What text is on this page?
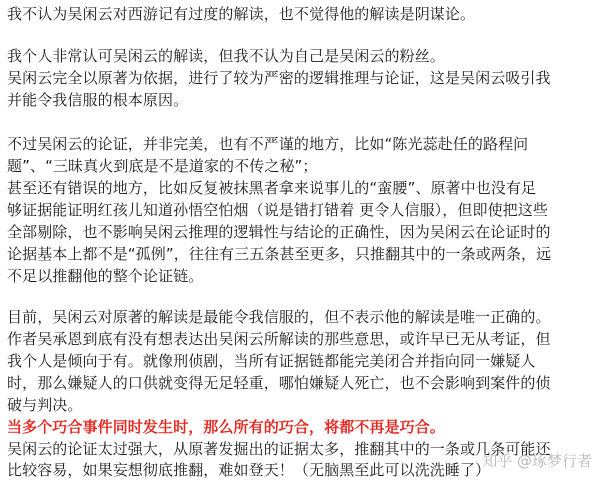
我不认为吴闲云对西游记有过度的解读，也不觉得他的解读是阴谋论。
我个人非常认可吴闲云的解读，但我不认为自己是吴闲云的粉丝。
吴闲云完全以原著为依据，进行了较为严密的逻辑推理与论证，这是吴闲云吸引我
并能令我信服的根本原因。
不过吴闲云的论证，并非完美，也有不严谨的地方，比如“陈光蕊赴任的路程问
题”、“三昧真火到底是不是道家的不传之秘”；
甚至还有错误的地方，比如反复被抹黑者拿来说事儿的“蛮腰”、原著中也没有足
够证据能证明红孩儿知道孙悟空怕烟（说是错打错着 更令人信服），但即使把这些
全部剔除，也不影响吴闲云推理的逻辑性与结论的正确性，因为吴闲云在论证时的
论据基本上都不是“孤例”，往往有三五条甚至更多，只推翻其中的一条或两条，远
不足以推翻他的整个论证链。
目前，吴闲云对原著的解读是最能令我信服的，但不表示他的解读是唯一正确的。
作者吴承恩到底有没有想表达出吴闲云所解读的那些意思，或许早已无从考证，但
我个人是倾向于有。就像刑侦剧，当所有证据链都能完美闭合并指向同一嫌疑人
时，那么嫌疑人的口供就变得无足轻重，哪怕嫌疑人死亡，也不会影响到案件的侦
破与判决。
当多个巧合事件同时发生时，那么所有的巧合，将都不再是巧合。
吴闲云的论证太过强大，从原著发掘出的证据太多，推翻其中的一条或几条可能还
比较容易，如果妄想彻底推翻，难如登天！（无脑黑至此可以洗洗睡了）
知乎 @琢梦行者
